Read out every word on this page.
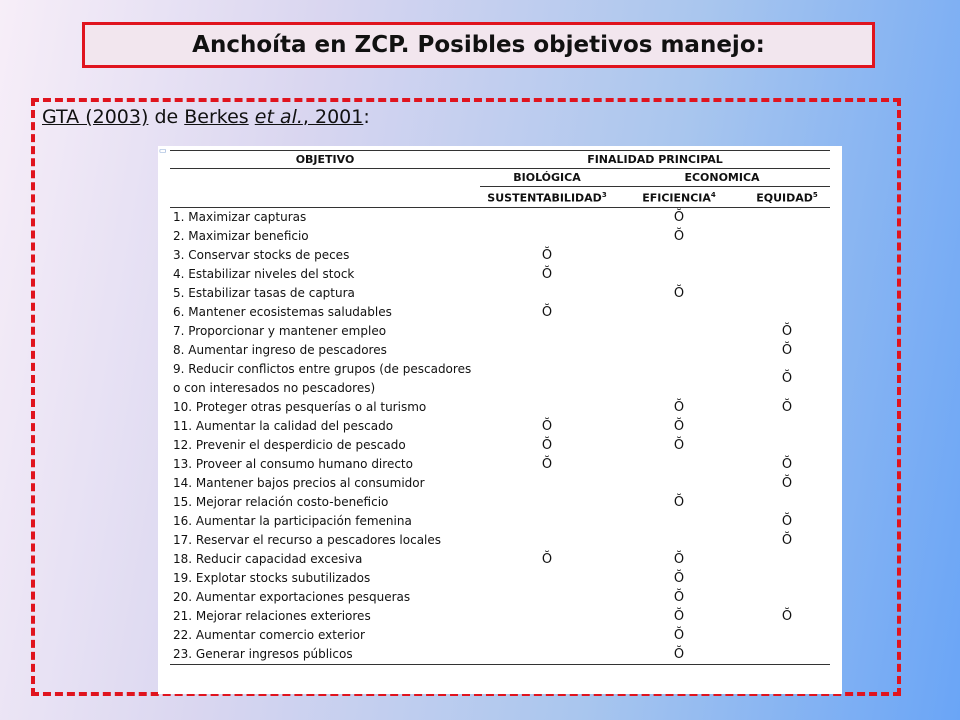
Anchoíta en ZCP. Posibles objetivos manejo:
GTA (2003) de Berkes et al., 2001:
▭
OBJETIVO	FINALIDAD PRINCIPAL		
	BIOLÓGICA	ECONOMICA	
	SUSTENTABILIDAD$^3$	EFICIENCIA$^4$	EQUIDAD$^5$
1. Maximizar capturas		Ŏ	
2. Maximizar beneficio		Ŏ	
3. Conservar stocks de peces	Ŏ		
4. Estabilizar niveles del stock	Ŏ		
5. Estabilizar tasas de captura		Ŏ	
6. Mantener ecosistemas saludables	Ŏ		
7. Proporcionar y mantener empleo			Ŏ
8. Aumentar ingreso de pescadores			Ŏ
9. Reducir conflictos entre grupos (de pescadores o con interesados no pescadores)			Ŏ
10. Proteger otras pesquerías o al turismo		Ŏ	Ŏ
11. Aumentar la calidad del pescado	Ŏ	Ŏ	
12. Prevenir el desperdicio de pescado	Ŏ	Ŏ	
13. Proveer al consumo humano directo	Ŏ		Ŏ
14. Mantener bajos precios al consumidor			Ŏ
15. Mejorar relación costo-beneficio		Ŏ	
16. Aumentar la participación femenina			Ŏ
17. Reservar el recurso a pescadores locales			Ŏ
18. Reducir capacidad excesiva	Ŏ	Ŏ	
19. Explotar stocks subutilizados		Ŏ	
20. Aumentar exportaciones pesqueras		Ŏ	
21. Mejorar relaciones exteriores		Ŏ	Ŏ
22. Aumentar comercio exterior		Ŏ	
23. Generar ingresos públicos		Ŏ	
